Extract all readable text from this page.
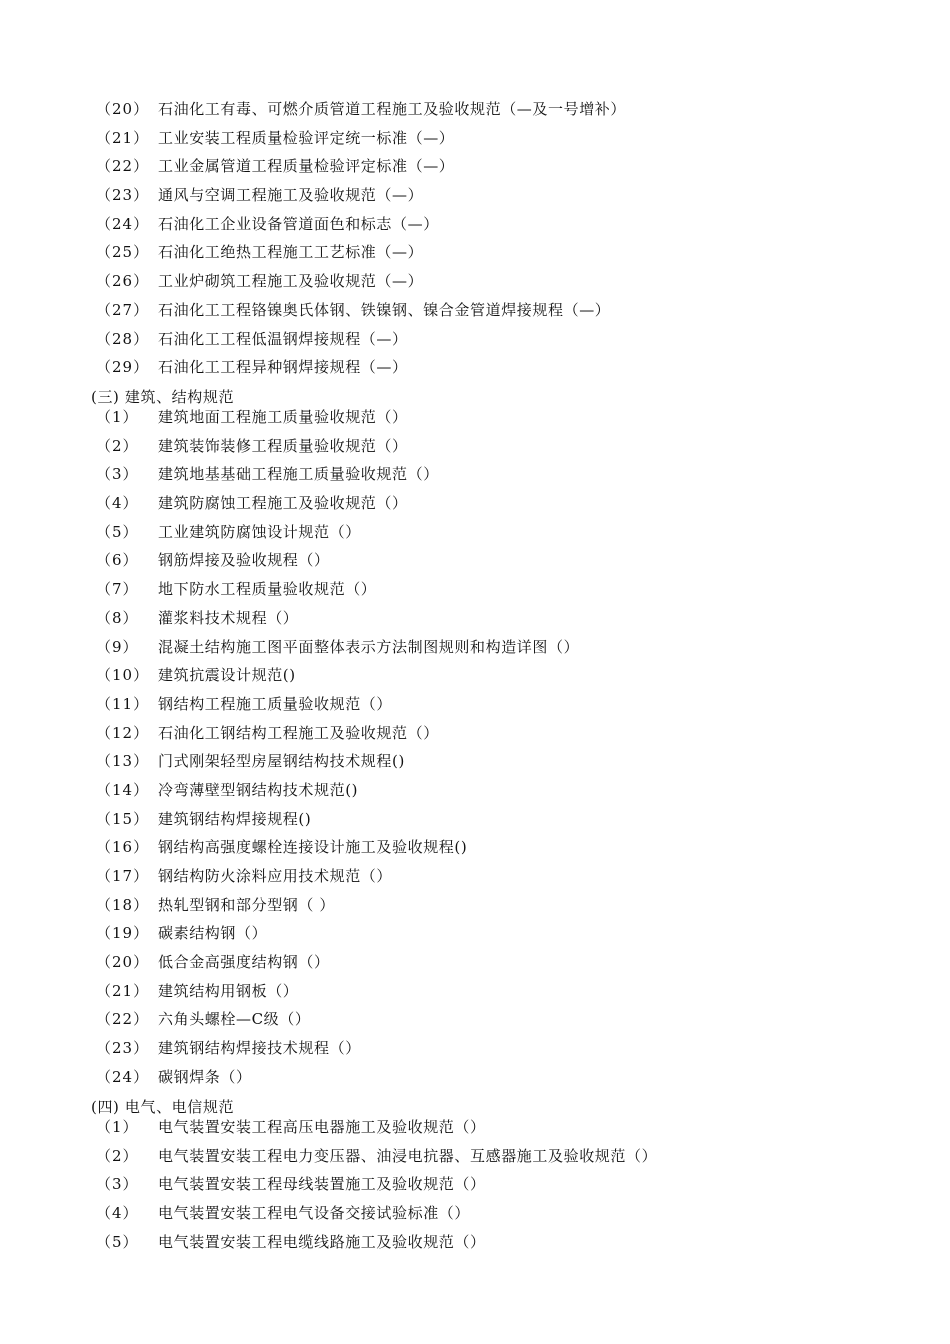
（20） 石油化工有毒、可燃介质管道工程施工及验收规范（—及一号增补）
（21） 工业安装工程质量检验评定统一标准（—）
（22） 工业金属管道工程质量检验评定标准（—）
（23） 通风与空调工程施工及验收规范（—）
（24） 石油化工企业设备管道面色和标志（—）
（25） 石油化工绝热工程施工工艺标准（—）
（26） 工业炉砌筑工程施工及验收规范（—）
（27） 石油化工工程铬镍奥氏体钢、铁镍钢、镍合金管道焊接规程（—）
（28） 石油化工工程低温钢焊接规程（—）
（29） 石油化工工程异种钢焊接规程（—）
(三) 建筑、结构规范
（1） 建筑地面工程施工质量验收规范（）
（2） 建筑装饰装修工程质量验收规范（）
（3） 建筑地基基础工程施工质量验收规范（）
（4） 建筑防腐蚀工程施工及验收规范（）
（5） 工业建筑防腐蚀设计规范（）
（6） 钢筋焊接及验收规程（）
（7） 地下防水工程质量验收规范（）
（8） 灌浆料技术规程（）
（9） 混凝土结构施工图平面整体表示方法制图规则和构造详图（）
（10） 建筑抗震设计规范()
（11） 钢结构工程施工质量验收规范（）
（12） 石油化工钢结构工程施工及验收规范（）
（13） 门式刚架轻型房屋钢结构技术规程()
（14） 冷弯薄壁型钢结构技术规范()
（15） 建筑钢结构焊接规程()
（16） 钢结构高强度螺栓连接设计施工及验收规程()
（17） 钢结构防火涂料应用技术规范（）
（18） 热轧型钢和部分型钢（ ）
（19） 碳素结构钢（）
（20） 低合金高强度结构钢（）
（21） 建筑结构用钢板（）
（22） 六角头螺栓—C级（）
（23） 建筑钢结构焊接技术规程（）
（24） 碳钢焊条（）
(四) 电气、电信规范
（1） 电气装置安装工程高压电器施工及验收规范（）
（2） 电气装置安装工程电力变压器、油浸电抗器、互感器施工及验收规范（）
（3） 电气装置安装工程母线装置施工及验收规范（）
（4） 电气装置安装工程电气设备交接试验标准（）
（5） 电气装置安装工程电缆线路施工及验收规范（）
